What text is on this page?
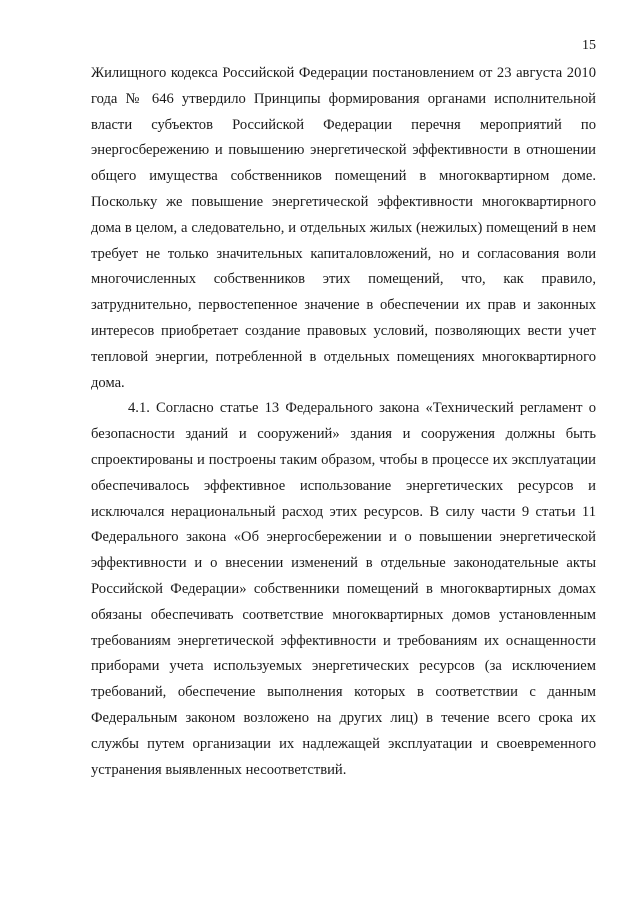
15

Жилищного кодекса Российской Федерации постановлением от 23 августа 2010 года № 646 утвердило Принципы формирования органами исполнительной власти субъектов Российской Федерации перечня мероприятий по энергосбережению и повышению энергетической эффективности в отношении общего имущества собственников помещений в многоквартирном доме. Поскольку же повышение энергетической эффективности многоквартирного дома в целом, а следовательно, и отдельных жилых (нежилых) помещений в нем требует не только значительных капиталовложений, но и согласования воли многочисленных собственников этих помещений, что, как правило, затруднительно, первостепенное значение в обеспечении их прав и законных интересов приобретает создание правовых условий, позволяющих вести учет тепловой энергии, потребленной в отдельных помещениях многоквартирного дома.

4.1. Согласно статье 13 Федерального закона «Технический регламент о безопасности зданий и сооружений» здания и сооружения должны быть спроектированы и построены таким образом, чтобы в процессе их эксплуатации обеспечивалось эффективное использование энергетических ресурсов и исключался нерациональный расход этих ресурсов. В силу части 9 статьи 11 Федерального закона «Об энергосбережении и о повышении энергетической эффективности и о внесении изменений в отдельные законодательные акты Российской Федерации» собственники помещений в многоквартирных домах обязаны обеспечивать соответствие многоквартирных домов установленным требованиям энергетической эффективности и требованиям их оснащенности приборами учета используемых энергетических ресурсов (за исключением требований, обеспечение выполнения которых в соответствии с данным Федеральным законом возложено на других лиц) в течение всего срока их службы путем организации их надлежащей эксплуатации и своевременного устранения выявленных несоответствий.
